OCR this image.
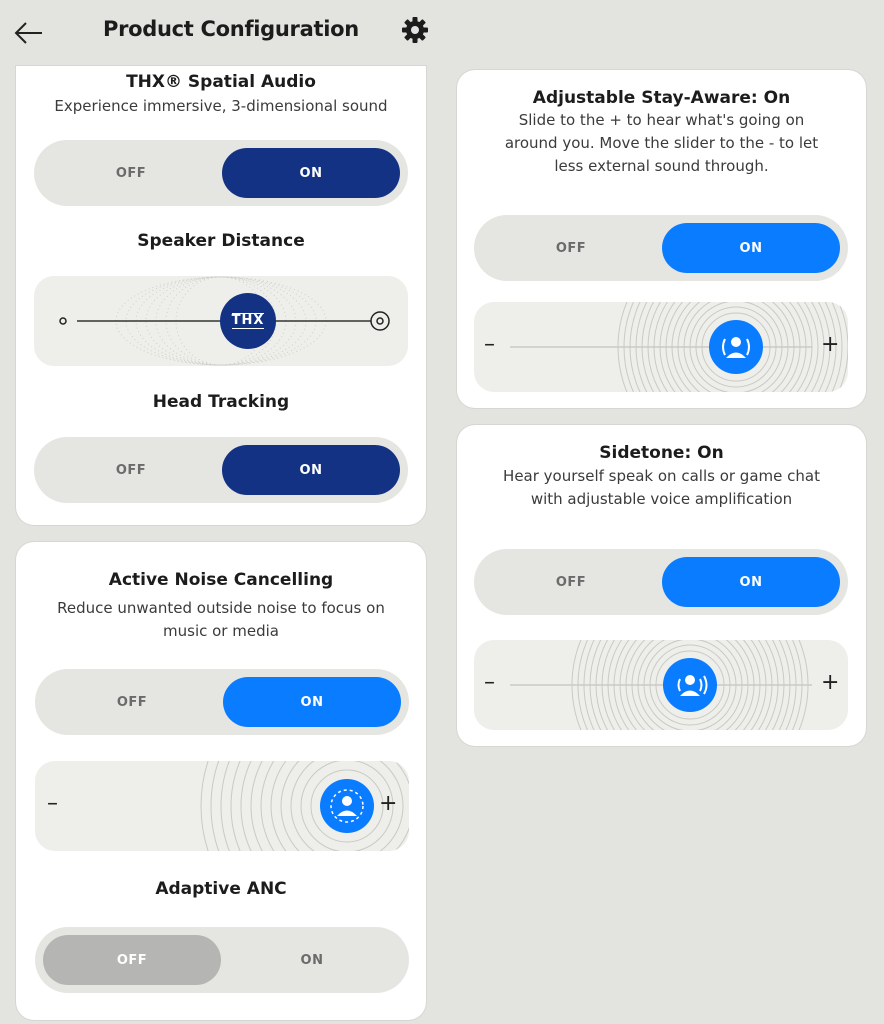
Product Configuration
THX® Spatial Audio
Experience immersive, 3-dimensional sound
OFF	ON
Speaker Distance
THX
Head Tracking
OFF	ON
Active Noise Cancelling
Reduce unwanted outside noise to focus on music or media
OFF	ON
–	+
Adaptive ANC
OFF	ON
Adjustable Stay-Aware: On
Slide to the + to hear what's going on around you. Move the slider to the - to let less external sound through.
OFF	ON
–	+
Sidetone: On
Hear yourself speak on calls or game chat with adjustable voice amplification
OFF	ON
–	+
